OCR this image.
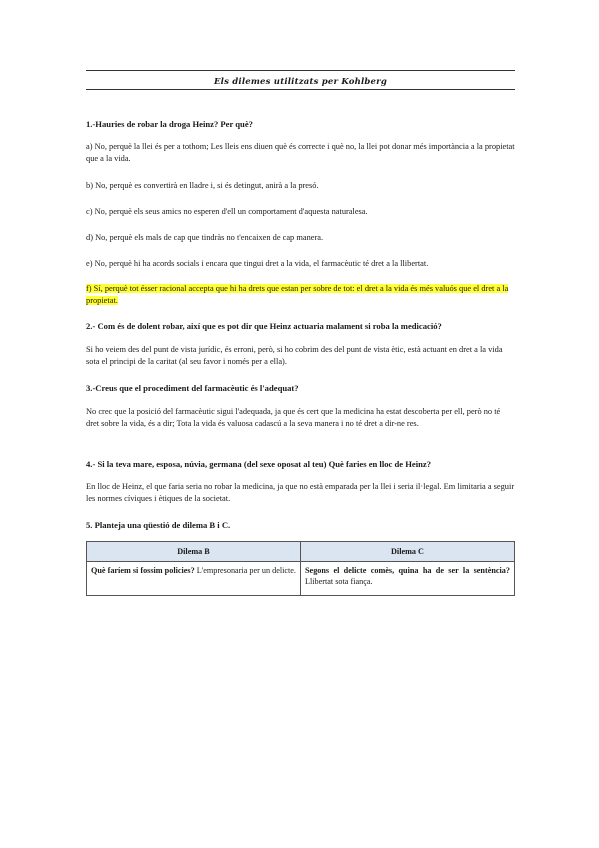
Els dilemes utilitzats per Kohlberg
1.-Hauries de robar la droga Heinz? Per què?
a) No, perquè la llei és per a tothom; Les lleis ens diuen què és correcte i què no, la llei pot donar més importància a la propietat que a la vida.
b) No, perquè es convertirà en lladre i, si és detingut, anirà a la presó.
c) No, perquè els seus amics no esperen d'ell un comportament d'aquesta naturalesa.
d) No, perquè els mals de cap que tindràs no t'encaixen de cap manera.
e) No, perquè hi ha acords socials i encara que tingui dret a la vida, el farmacèutic té dret a la llibertat.
f) Sí, perquè tot ésser racional accepta que hi ha drets que estan per sobre de tot: el dret a la vida és més valuós que el dret a la propietat.
2.- Com és de dolent robar, així que es pot dir que Heinz actuaria malament si roba la medicació?
Si ho veiem des del punt de vista jurídic, és erroni, però, si ho cobrim des del punt de vista ètic, està actuant en dret a la vida sota el principi de la caritat (al seu favor i només per a ella).
3.-Creus que el procediment del farmacèutic és l'adequat?
No crec que la posició del farmacèutic sigui l'adequada, ja que és cert que la medicina ha estat descoberta per ell, però no té dret sobre la vida, és a dir; Tota la vida és valuosa cadascú a la seva manera i no té dret a dir-ne res.
4.- Si la teva mare, esposa, núvia, germana (del sexe oposat al teu) Què faries en lloc de Heinz?
En lloc de Heinz, el que faria seria no robar la medicina, ja que no està emparada per la llei i seria il·legal. Em limitaria a seguir les normes cíviques i ètiques de la societat.
5. Planteja una qüestió de dilema B i C.
Dilema B	Dilema C
Què faríem si fossim policies? L'empresonaria per un delicte.	Segons el delicte comès, quina ha de ser la sentència? Llibertat sota fiança.
